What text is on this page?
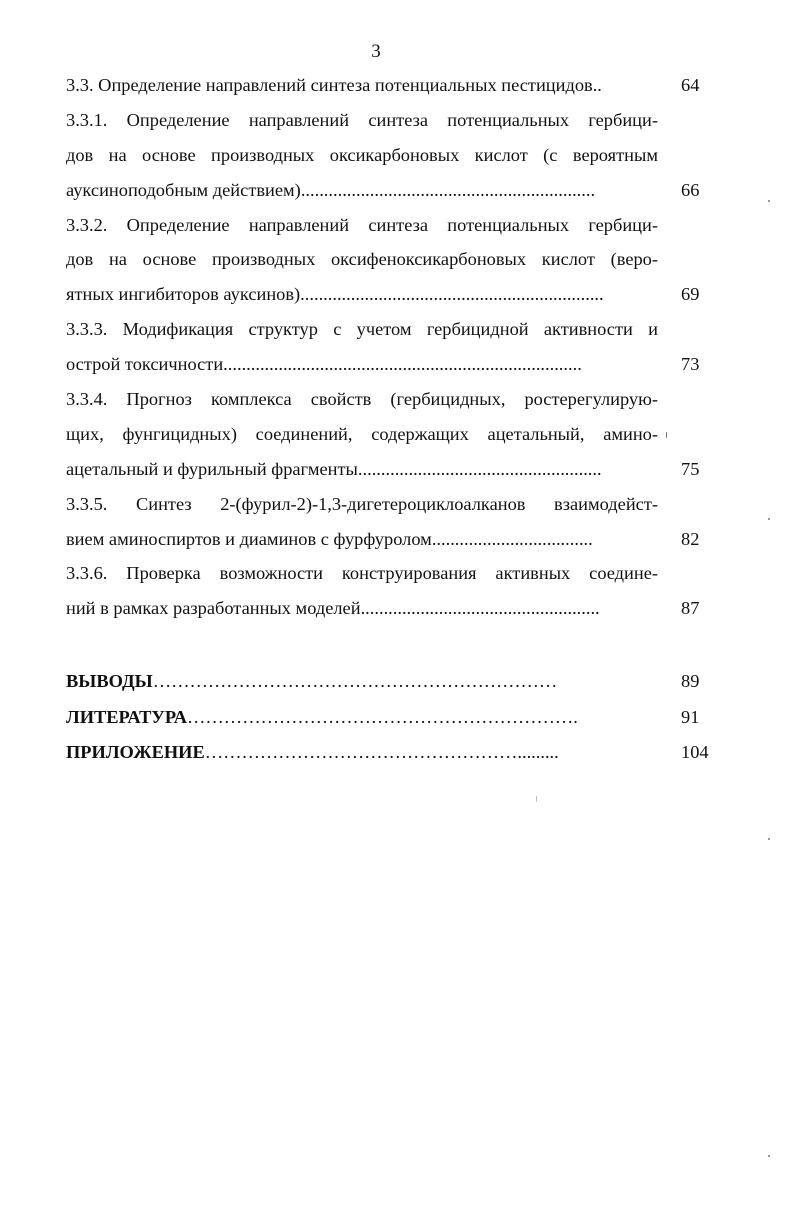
3
3.3. Определение направлений синтеза потенциальных пестицидов..	64
3.3.1. Определение направлений синтеза потенциальных гербици-
дов на основе производных оксикарбоновых кислот (с вероятным
ауксиноподобным действием)................................................................	66
3.3.2. Определение направлений синтеза потенциальных гербици-
дов на основе производных оксифеноксикарбоновых кислот (веро-
ятных ингибиторов ауксинов)..................................................................	69
3.3.3. Модификация структур с учетом гербицидной активности и
острой токсичности..............................................................................	73
3.3.4. Прогноз комплекса свойств (гербицидных, ростерегулирую-
щих, фунгицидных) соединений, содержащих ацетальный, амино-
ацетальный и фурильный фрагменты.....................................................	75
3.3.5. Синтез 2-(фурил-2)-1,3-дигетероциклоалканов взаимодейст-
вием аминоспиртов и диаминов с фурфуролом...................................	82
3.3.6. Проверка возможности конструирования активных соедине-
ний в рамках разработанных моделей....................................................	87
ВЫВОДЫ…………………………………………………………	89
ЛИТЕРАТУРА……………………………………………………….	91
ПРИЛОЖЕНИЕ…………………………………………….........	104
